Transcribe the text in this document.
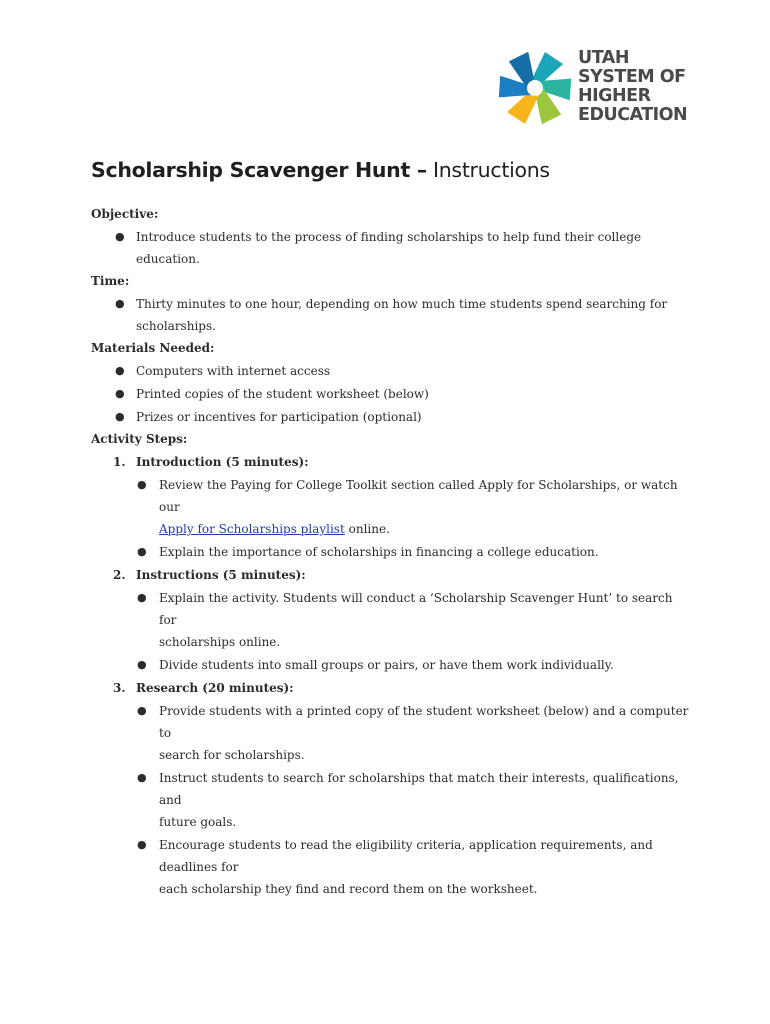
UTAH
SYSTEM OF
HIGHER
EDUCATION
Scholarship Scavenger Hunt – Instructions
Objective:
● Introduce students to the process of finding scholarships to help fund their college education.
Time:
● Thirty minutes to one hour, depending on how much time students spend searching for
scholarships.
Materials Needed:
● Computers with internet access
● Printed copies of the student worksheet (below)
● Prizes or incentives for participation (optional)
Activity Steps:
1. Introduction (5 minutes):
● Review the Paying for College Toolkit section called Apply for Scholarships, or watch our
Apply for Scholarships playlist online.
● Explain the importance of scholarships in financing a college education.
2. Instructions (5 minutes):
● Explain the activity. Students will conduct a ‘Scholarship Scavenger Hunt’ to search for
scholarships online.
● Divide students into small groups or pairs, or have them work individually.
3. Research (20 minutes):
● Provide students with a printed copy of the student worksheet (below) and a computer to
search for scholarships.
● Instruct students to search for scholarships that match their interests, qualifications, and
future goals.
● Encourage students to read the eligibility criteria, application requirements, and deadlines for
each scholarship they find and record them on the worksheet.
